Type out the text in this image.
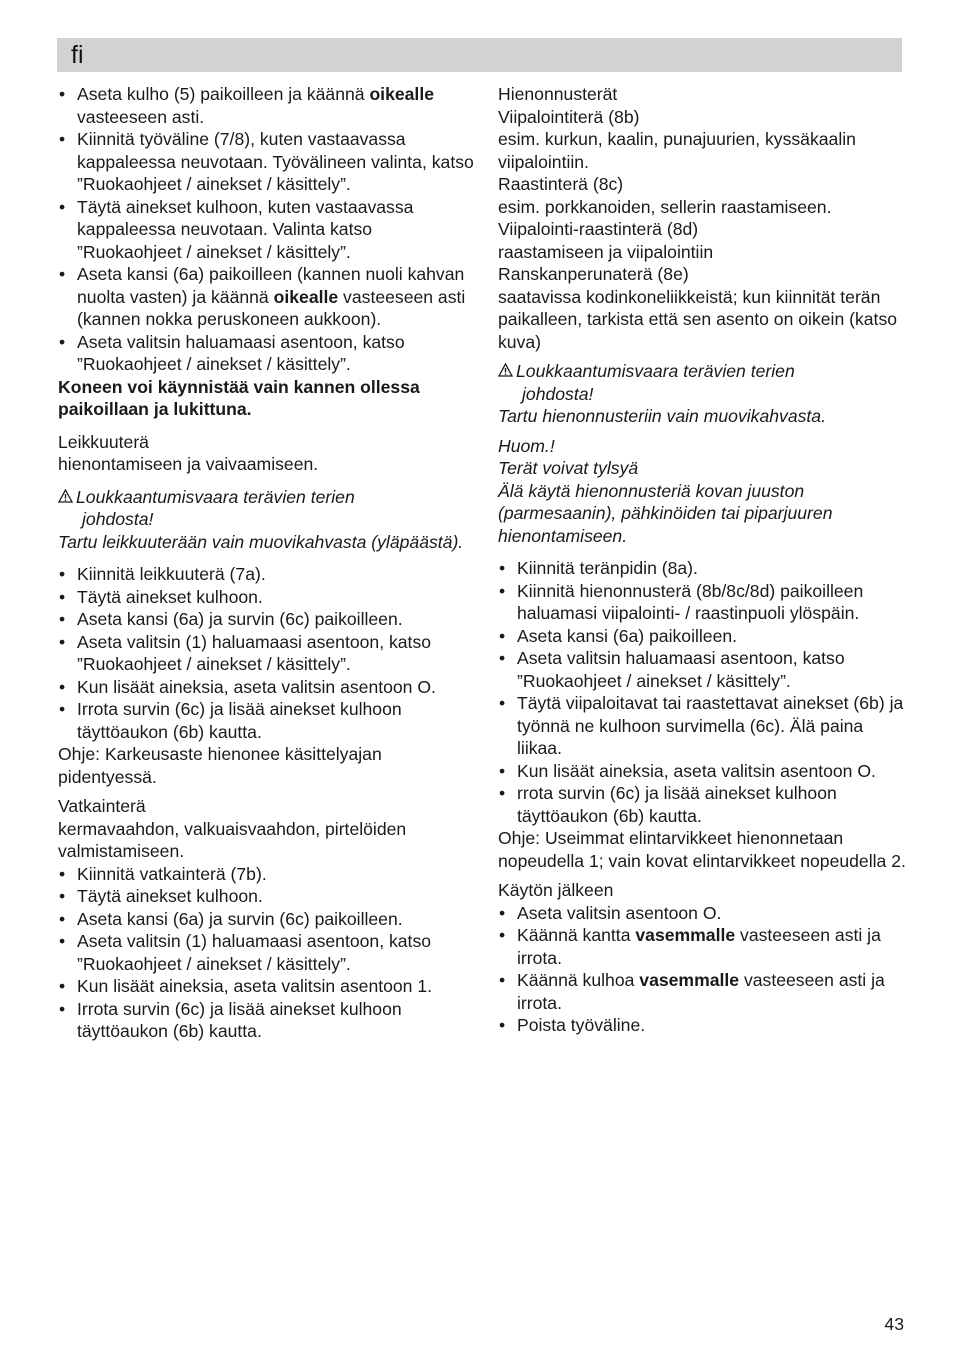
fi
• Aseta kulho (5) paikoilleen ja käännä oikealle vasteeseen asti.
• Kiinnitä työväline (7/8), kuten vastaavassa kappaleessa neuvotaan. Työvälineen valinta, katso ”Ruokaohjeet / ainekset / käsittely”.
• Täytä ainekset kulhoon, kuten vastaavassa kappaleessa neuvotaan. Valinta katso ”Ruokaohjeet / ainekset / käsittely”.
• Aseta kansi (6a) paikoilleen (kannen nuoli kahvan nuolta vasten) ja käännä oikealle vasteeseen asti (kannen nokka peruskoneen aukkoon).
• Aseta valitsin haluamaasi asentoon, katso ”Ruokaohjeet / ainekset / käsittely”.

Koneen voi käynnistää vain kannen ollessa paikoillaan ja lukittuna.

Leikkuuterä

hienontamiseen ja vaivaamiseen.

Loukkaantumisvaara terävien terien

johdosta!

Tartu leikkuuterään vain muovikahvasta (yläpäästä).

• Kiinnitä leikkuuterä (7a).
• Täytä ainekset kulhoon.
• Aseta kansi (6a) ja survin (6c) paikoilleen.
• Aseta valitsin (1) haluamaasi asentoon, katso ”Ruokaohjeet / ainekset / käsittely”.
• Kun lisäät aineksia, aseta valitsin asentoon O.
• Irrota survin (6c) ja lisää ainekset kulhoon täyttöaukon (6b) kautta.

Ohje: Karkeusaste hienonee käsittelyajan pidentyessä.

Vatkainterä

kermavaahdon, valkuaisvaahdon, pirtelöiden valmistamiseen.

• Kiinnitä vatkainterä (7b).
• Täytä ainekset kulhoon.
• Aseta kansi (6a) ja survin (6c) paikoilleen.
• Aseta valitsin (1) haluamaasi asentoon, katso ”Ruokaohjeet / ainekset / käsittely”.
• Kun lisäät aineksia, aseta valitsin asentoon 1.
• Irrota survin (6c) ja lisää ainekset kulhoon täyttöaukon (6b) kautta.

Hienonnusterät

Viipalointiterä (8b)

esim. kurkun, kaalin, punajuurien, kyssäkaalin viipalointiin.

Raastinterä (8c)

esim. porkkanoiden, sellerin raastamiseen.

Viipalointi-raastinterä (8d)

raastamiseen ja viipalointiin

Ranskanperunaterä (8e)

saatavissa kodinkoneliikkeistä; kun kiinnität terän paikalleen, tarkista että sen asento on oikein (katso kuva)

Loukkaantumisvaara terävien terien

johdosta!

Tartu hienonnusteriin vain muovikahvasta.

Huom.!

Terät voivat tylsyä

Älä käytä hienonnusteriä kovan juuston (parmesaanin), pähkinöiden tai piparjuuren hienontamiseen.

• Kiinnitä teränpidin (8a).
• Kiinnitä hienonnusterä (8b/8c/8d) paikoilleen haluamasi viipalointi- / raastinpuoli ylöspäin.
• Aseta kansi (6a) paikoilleen.
• Aseta valitsin haluamaasi asentoon, katso ”Ruokaohjeet / ainekset / käsittely”.
• Täytä viipaloitavat tai raastettavat ainekset (6b) ja työnnä ne kulhoon survimella (6c). Älä paina liikaa.
• Kun lisäät aineksia, aseta valitsin asentoon O.
• rrota survin (6c) ja lisää ainekset kulhoon täyttöaukon (6b) kautta.

Ohje: Useimmat elintarvikkeet hienonnetaan nopeudella 1; vain kovat elintarvikkeet nopeudella 2.

Käytön jälkeen

• Aseta valitsin asentoon O.
• Käännä kantta vasemmalle vasteeseen asti ja irrota.
• Käännä kulhoa vasemmalle vasteeseen asti ja irrota.
• Poista työväline.
43
